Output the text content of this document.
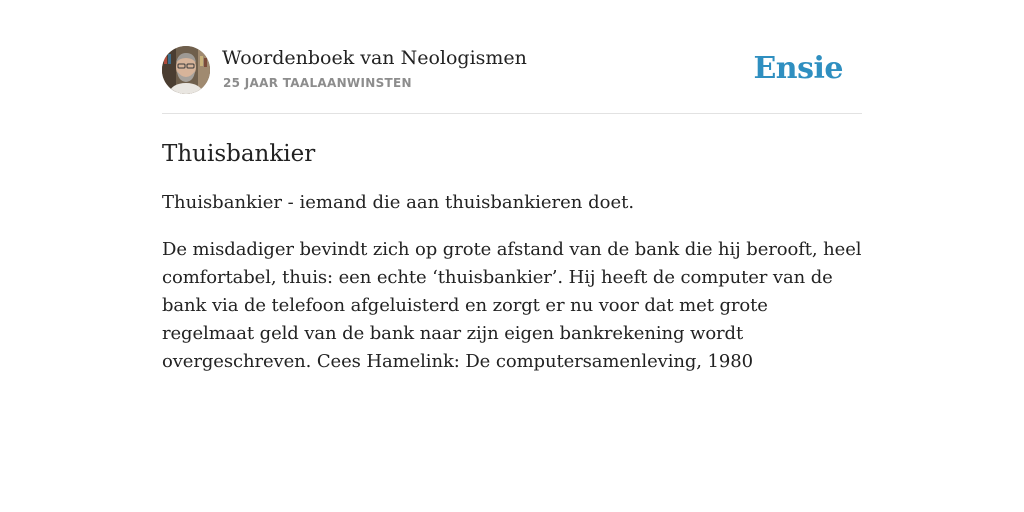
Woordenboek van Neologismen
25 JAAR TAALAANWINSTEN	Ensie
Thuisbankier

Thuisbankier - iemand die aan thuisbankieren doet.

De misdadiger bevindt zich op grote afstand van de bank die hij berooft, heel comfortabel, thuis: een echte ‘thuisbankier’. Hij heeft de computer van de bank via de telefoon afgeluisterd en zorgt er nu voor dat met grote regelmaat geld van de bank naar zijn eigen bankrekening wordt overgeschreven. Cees Hamelink: De computersamenleving, 1980
